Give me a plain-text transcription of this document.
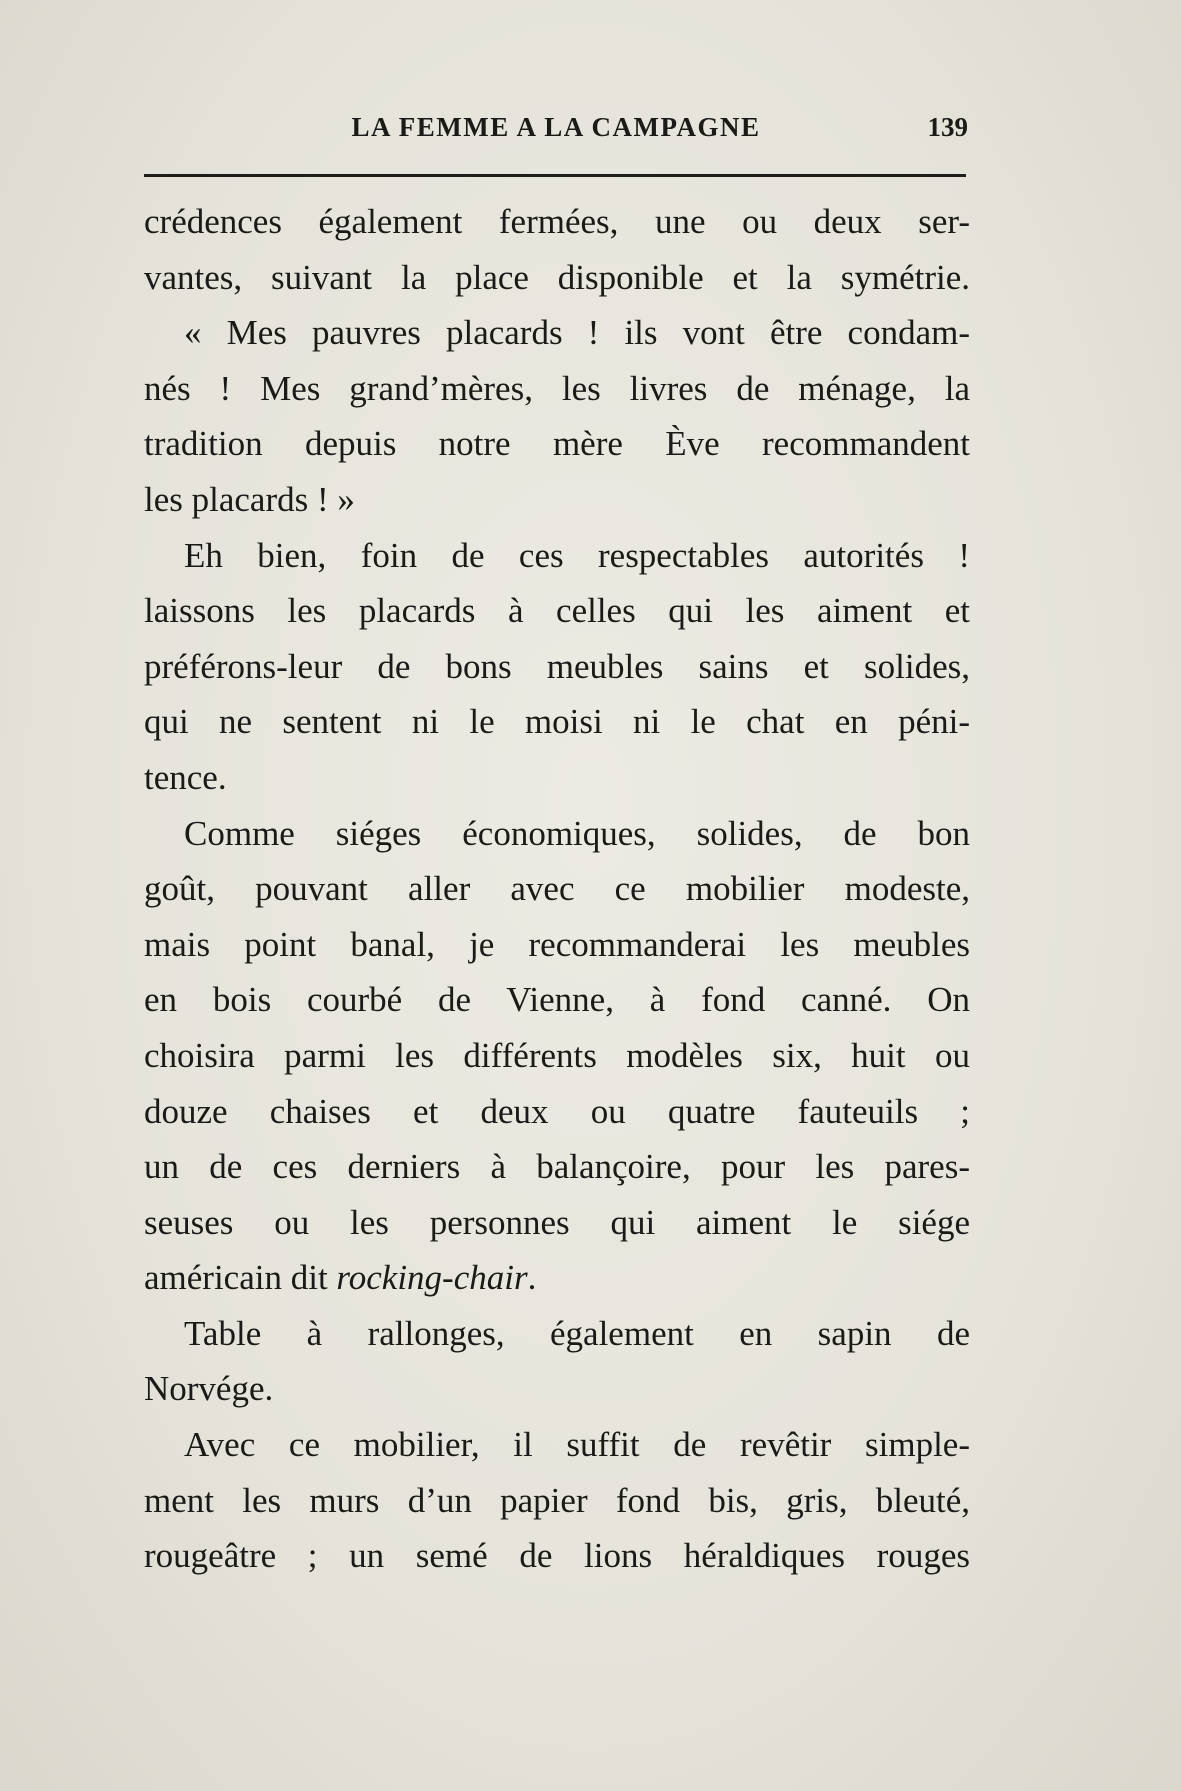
LA FEMME A LA CAMPAGNE	139
crédences également fermées, une ou deux ser-
vantes, suivant la place disponible et la symétrie.
« Mes pauvres placards ! ils vont être condam-
nés ! Mes grand’mères, les livres de ménage, la
tradition depuis notre mère Ève recommandent
les placards ! »
Eh bien, foin de ces respectables autorités !
laissons les placards à celles qui les aiment et
préférons-leur de bons meubles sains et solides,
qui ne sentent ni le moisi ni le chat en péni-
tence.
Comme siéges économiques, solides, de bon
goût, pouvant aller avec ce mobilier modeste,
mais point banal, je recommanderai les meubles
en bois courbé de Vienne, à fond canné. On
choisira parmi les différents modèles six, huit ou
douze chaises et deux ou quatre fauteuils ;
un de ces derniers à balançoire, pour les pares-
seuses ou les personnes qui aiment le siége
américain dit rocking-chair.
Table à rallonges, également en sapin de
Norvége.
Avec ce mobilier, il suffit de revêtir simple-
ment les murs d’un papier fond bis, gris, bleuté,
rougeâtre ; un semé de lions héraldiques rouges
